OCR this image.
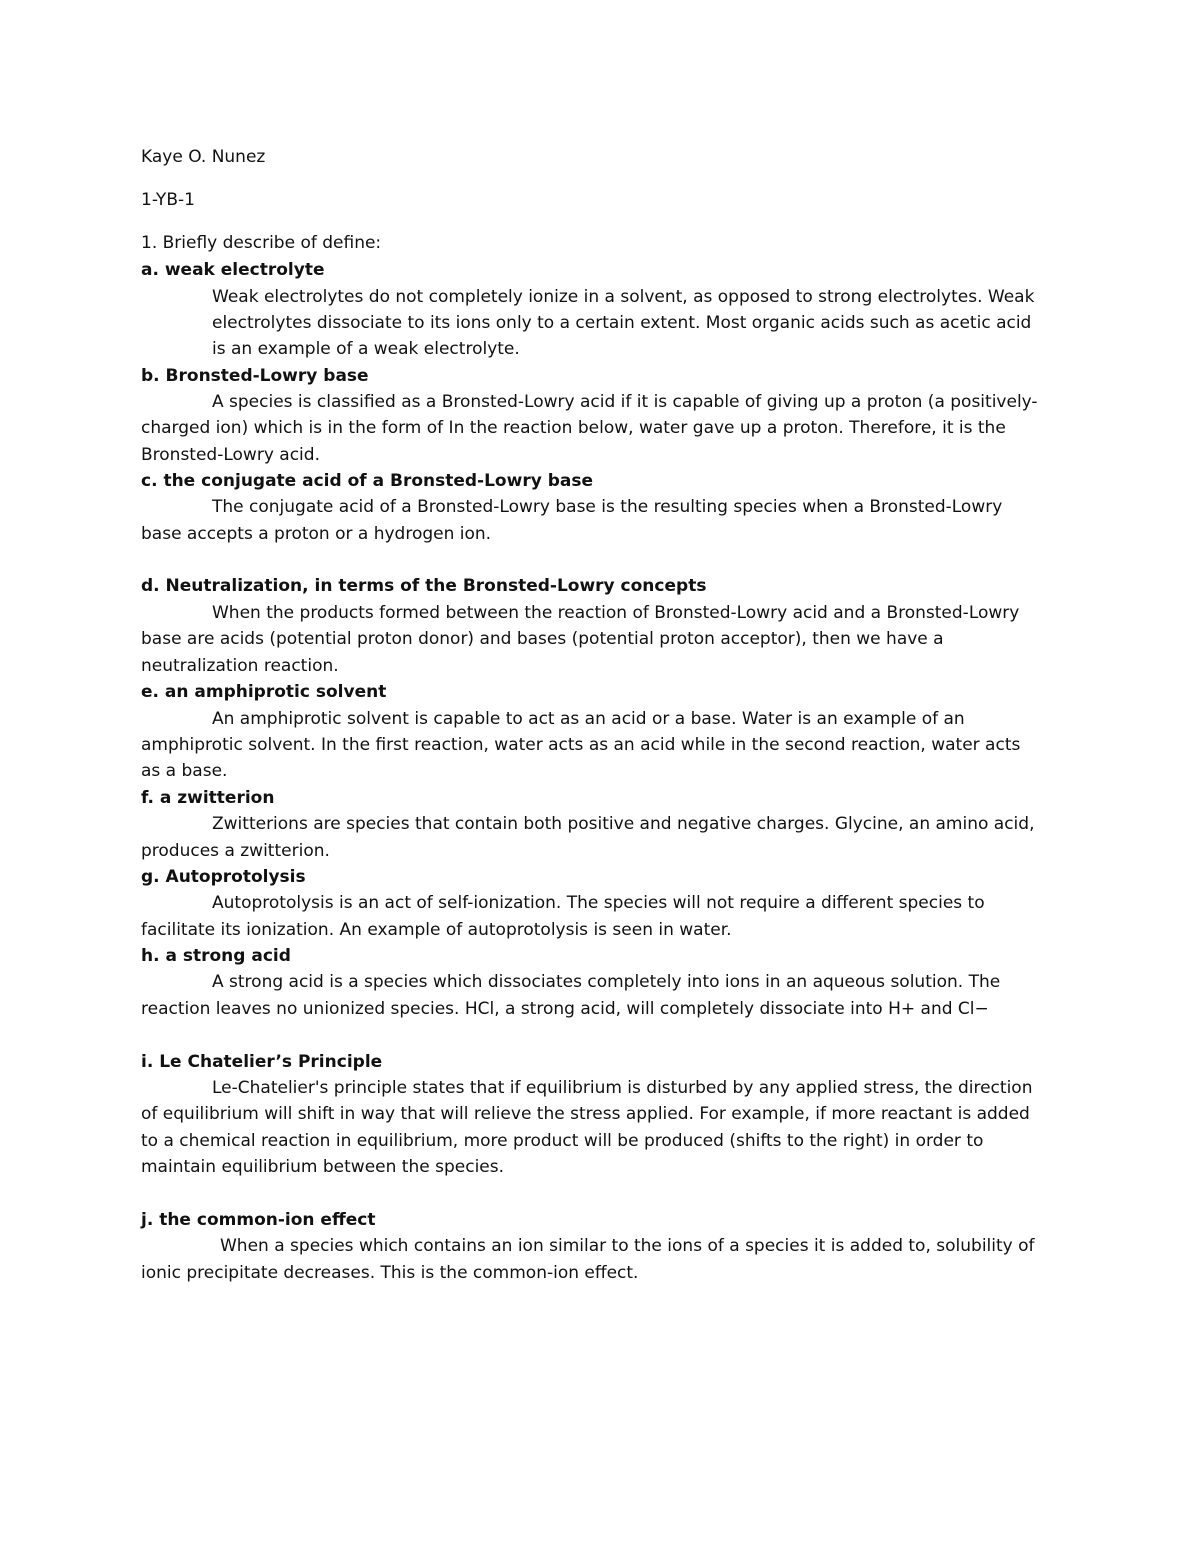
Kaye O. Nunez
1-YB-1
1. Briefly describe of define:
a. weak electrolyte
Weak electrolytes do not completely ionize in a solvent, as opposed to strong electrolytes. Weak
electrolytes dissociate to its ions only to a certain extent. Most organic acids such as acetic acid
is an example of a weak electrolyte.
b. Bronsted-Lowry base
A species is classified as a Bronsted-Lowry acid if it is capable of giving up a proton (a positively-
charged ion) which is in the form of In the reaction below, water gave up a proton. Therefore, it is the
Bronsted-Lowry acid.
c. the conjugate acid of a Bronsted-Lowry base
The conjugate acid of a Bronsted-Lowry base is the resulting species when a Bronsted-Lowry
base accepts a proton or a hydrogen ion.
d. Neutralization, in terms of the Bronsted-Lowry concepts
When the products formed between the reaction of Bronsted-Lowry acid and a Bronsted-Lowry
base are acids (potential proton donor) and bases (potential proton acceptor), then we have a
neutralization reaction.
e. an amphiprotic solvent
An amphiprotic solvent is capable to act as an acid or a base. Water is an example of an
amphiprotic solvent. In the first reaction, water acts as an acid while in the second reaction, water acts
as a base.
f. a zwitterion
Zwitterions are species that contain both positive and negative charges. Glycine, an amino acid,
produces a zwitterion.
g. Autoprotolysis
Autoprotolysis is an act of self-ionization. The species will not require a different species to
facilitate its ionization. An example of autoprotolysis is seen in water.
h. a strong acid
A strong acid is a species which dissociates completely into ions in an aqueous solution. The
reaction leaves no unionized species. HCl, a strong acid, will completely dissociate into H+ and Cl−
i. Le Chatelier’s Principle
Le-Chatelier's principle states that if equilibrium is disturbed by any applied stress, the direction
of equilibrium will shift in way that will relieve the stress applied. For example, if more reactant is added
to a chemical reaction in equilibrium, more product will be produced (shifts to the right) in order to
maintain equilibrium between the species.
j. the common-ion effect
When a species which contains an ion similar to the ions of a species it is added to, solubility of
ionic precipitate decreases. This is the common-ion effect.
